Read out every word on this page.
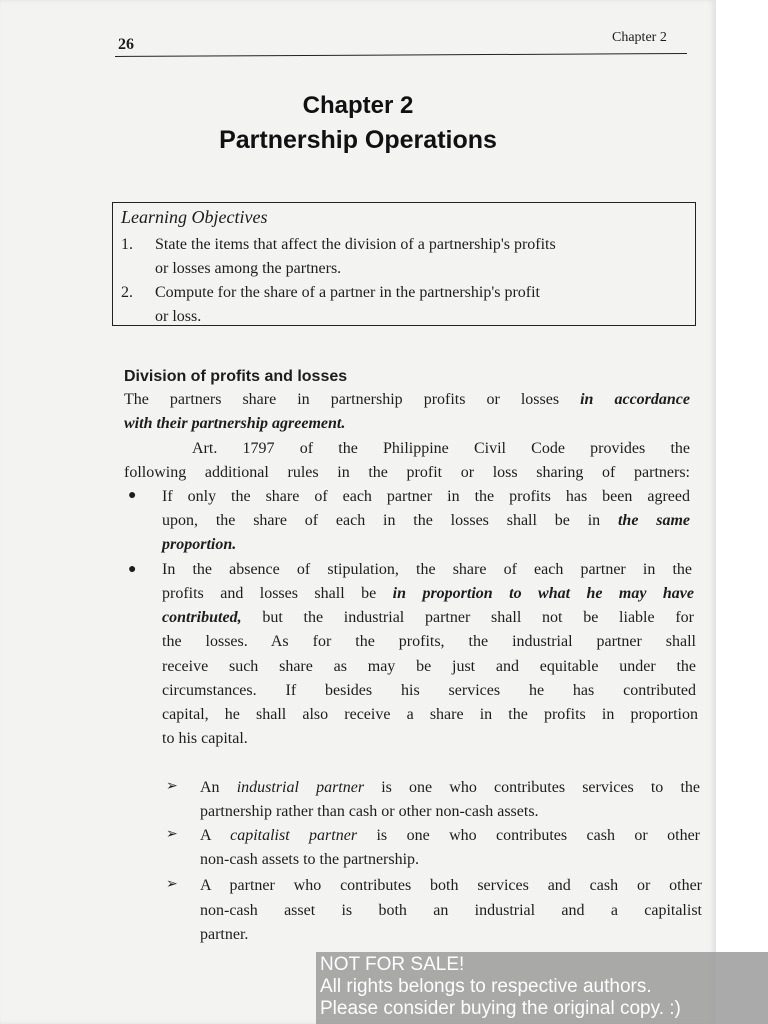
26	Chapter 2
Chapter 2
Partnership Operations
Learning Objectives
1. State the items that affect the division of a partnership's profits
or losses among the partners.
2. Compute for the share of a partner in the partnership's profit
or loss.
Division of profits and losses
The partners share in partnership profits or losses in accordance
with their partnership agreement.
Art. 1797 of the Philippine Civil Code provides the
following additional rules in the profit or loss sharing of partners:
● If only the share of each partner in the profits has been agreed
upon, the share of each in the losses shall be in the same
proportion.
● In the absence of stipulation, the share of each partner in the
profits and losses shall be in proportion to what he may have
contributed, but the industrial partner shall not be liable for
the losses. As for the profits, the industrial partner shall
receive such share as may be just and equitable under the
circumstances. If besides his services he has contributed
capital, he shall also receive a share in the profits in proportion
to his capital.
➢ An industrial partner is one who contributes services to the
partnership rather than cash or other non-cash assets.
➢ A capitalist partner is one who contributes cash or other
non-cash assets to the partnership.
➢ A partner who contributes both services and cash or other
non-cash asset is both an industrial and a capitalist
partner.
NOT FOR SALE!
All rights belongs to respective authors.
Please consider buying the original copy. :)
